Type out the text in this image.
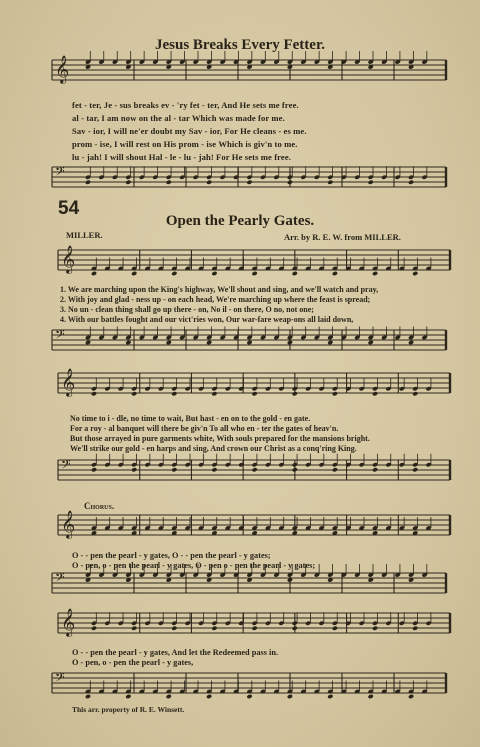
𝄞
𝄢
𝄞
𝄢
𝄞
𝄢
𝄞
𝄢
𝄞
𝄢
Jesus Breaks Every Fetter.
fet - ter, Je - sus breaks ev - 'ry fet - ter, And He sets me free.
al - tar, I am now on the al - tar Which was made for me.
Sav - ior, I will ne'er doubt my Sav - ior, For He cleans - es me.
prom - ise, I will rest on His prom - ise Which is giv'n to me.
lu - jah! I will shout Hal - le - lu - jah! For He sets me free.
54
Open the Pearly Gates.
MILLER.	Arr. by R. E. W. from MILLER.
1. We are marching upon the King's highway, We'll shout and sing, and we'll watch and pray,
2. With joy and glad - ness up - on each head, We're marching up where the feast is spread;
3. No un - clean thing shall go up there - on, No il - on there, O no, not one;
4. With our battles fought and our vict'ries won, Our war-fare weap-ons all laid down,
No time to i - dle, no time to wait, But hast - en on to the gold - en gate.
For a roy - al banquet will there be giv'n To all who en - ter the gates of heav'n.
But those arrayed in pure garments white, With souls prepared for the mansions bright.
We'll strike our gold - en harps and sing, And crown our Christ as a conq'ring King.
Chorus.
O - - pen the pearl - y gates, O - - pen the pearl - y gates;
O - pen, o - pen the pearl - y gates, O - pen o - pen the pearl - y gates;
O - - pen the pearl - y gates, And let the Redeemed pass in.
O - pen, o - pen the pearl - y gates,
This arr. property of R. E. Winsett.
